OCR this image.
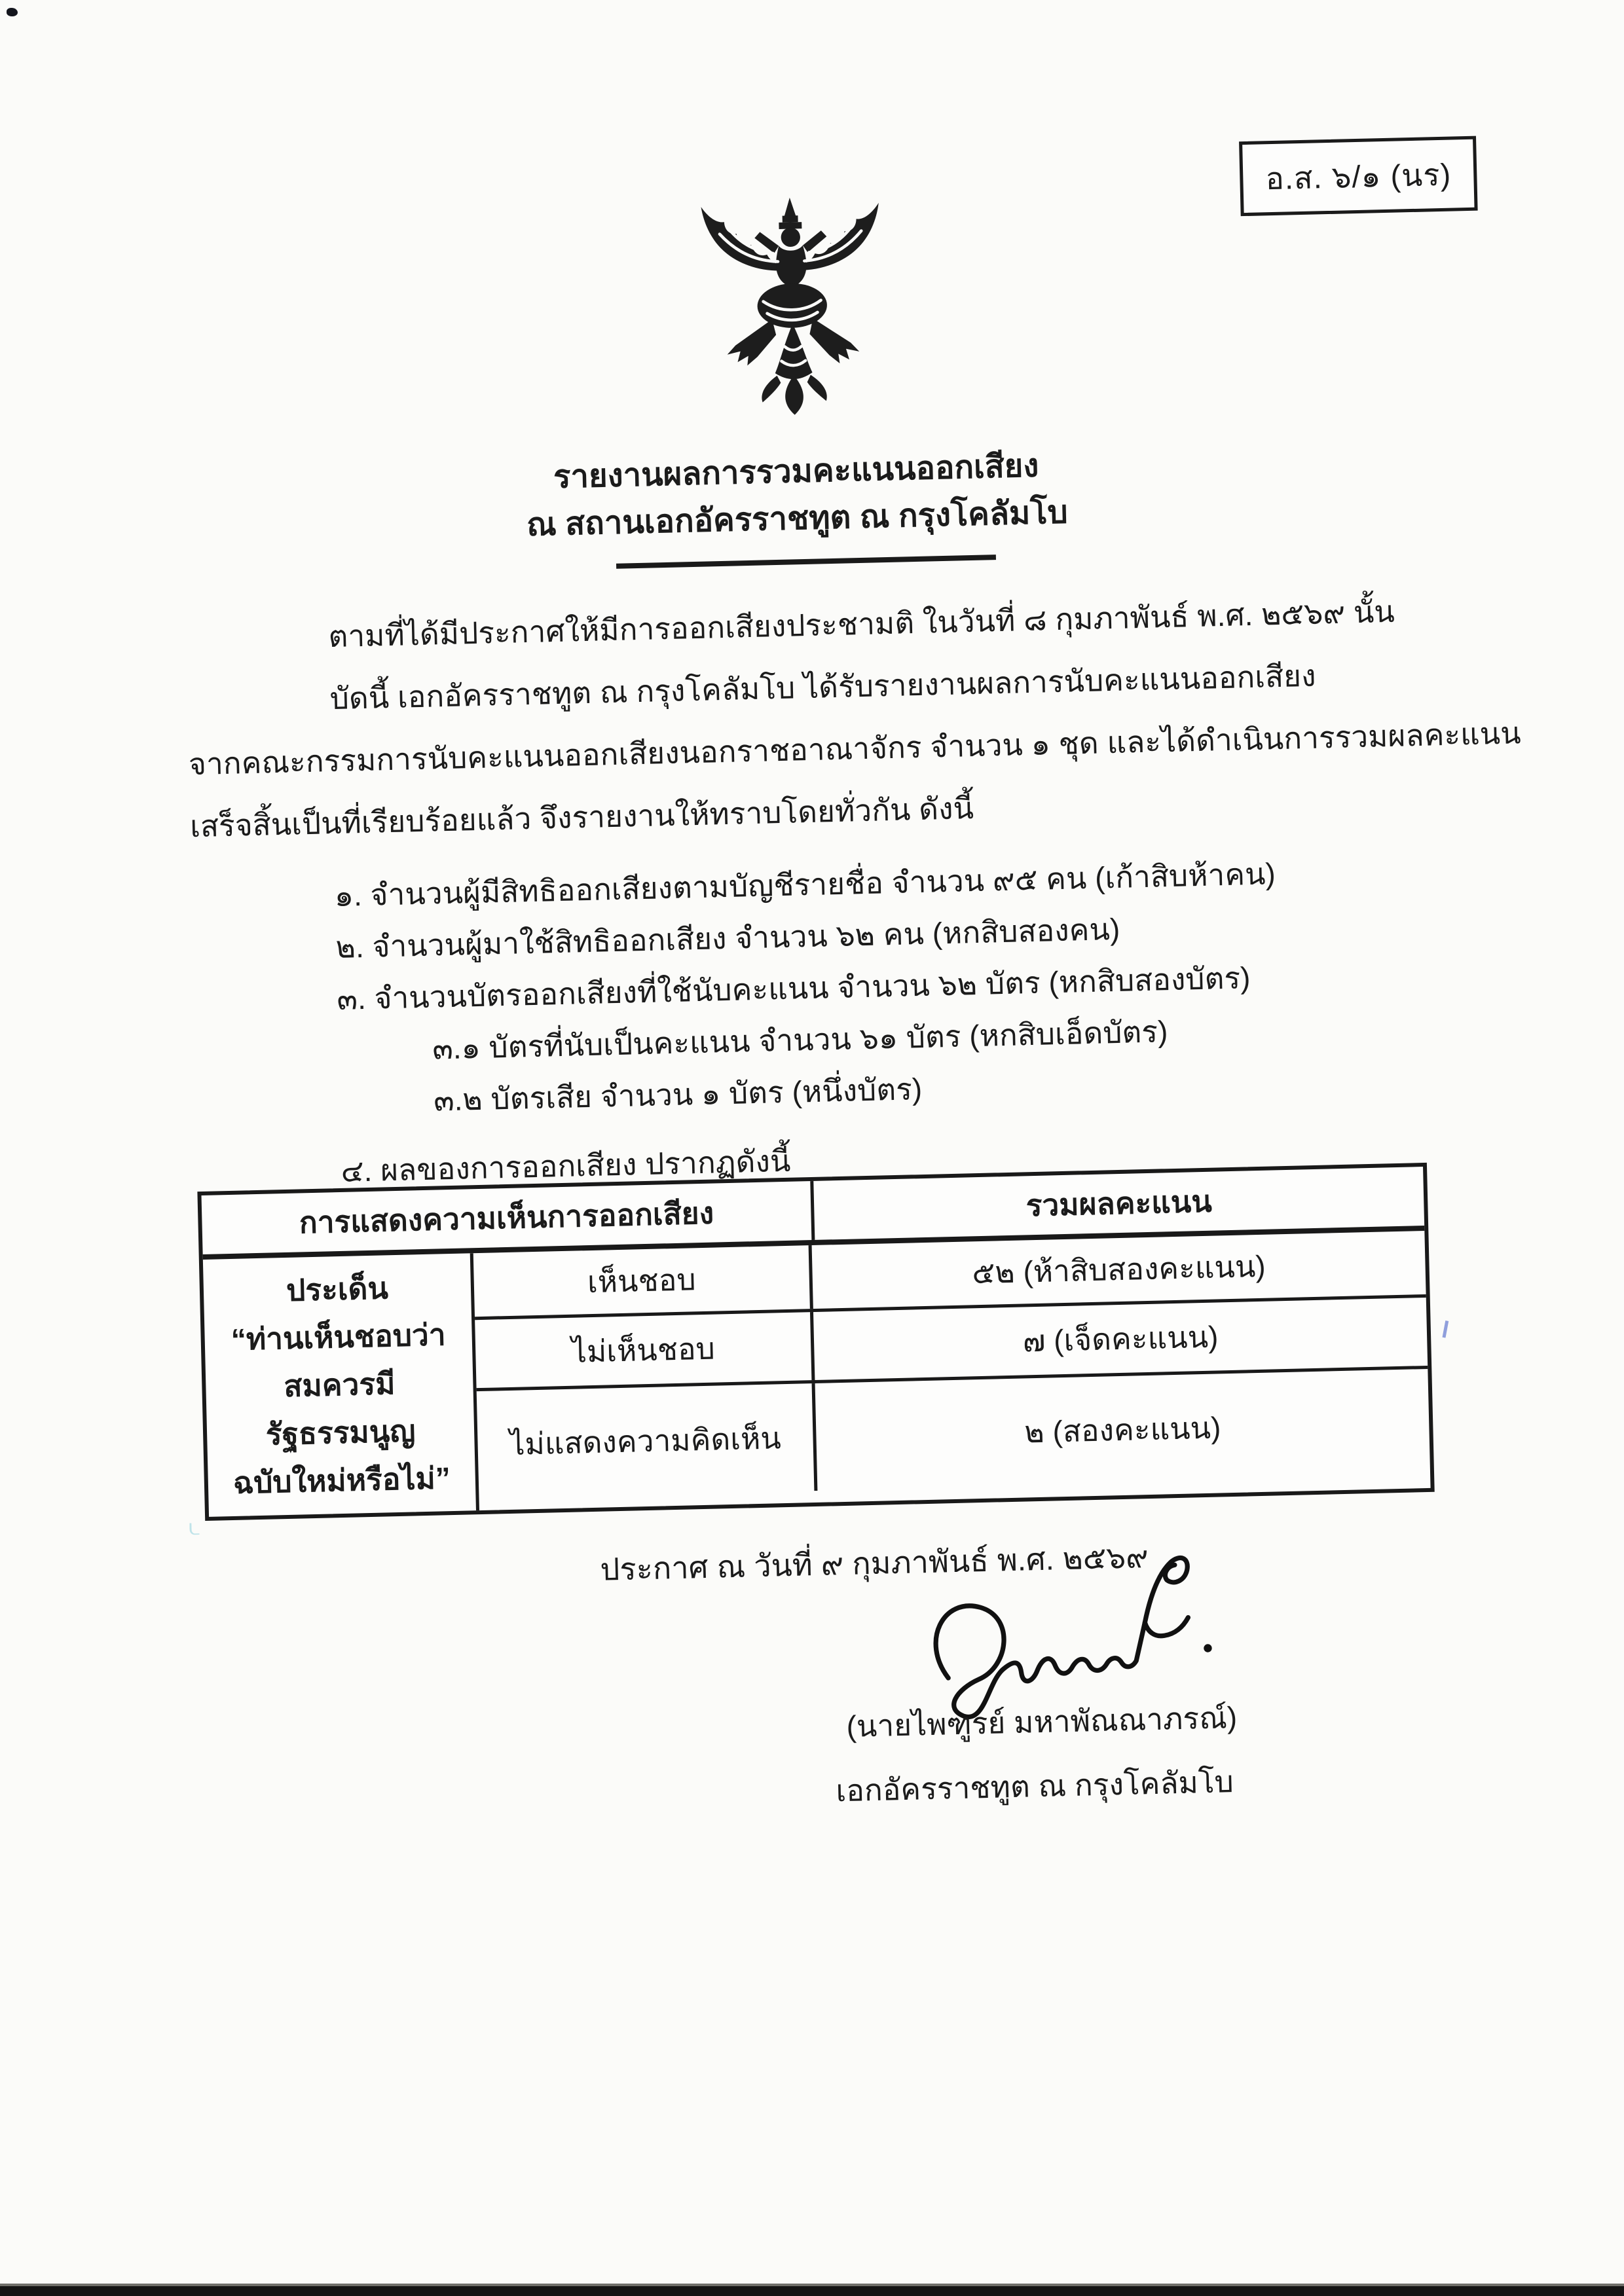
อ.ส. ๖/๑ (นร)
รายงานผลการรวมคะแนนออกเสียง
ณ สถานเอกอัครราชทูต ณ กรุงโคลัมโบ
ตามที่ได้มีประกาศให้มีการออกเสียงประชามติ ในวันที่ ๘ กุมภาพันธ์ พ.ศ. ๒๕๖๙ นั้น
บัดนี้ เอกอัครราชทูต ณ กรุงโคลัมโบ ได้รับรายงานผลการนับคะแนนออกเสียง
จากคณะกรรมการนับคะแนนออกเสียงนอกราชอาณาจักร จำนวน ๑ ชุด และได้ดำเนินการรวมผลคะแนน
เสร็จสิ้นเป็นที่เรียบร้อยแล้ว จึงรายงานให้ทราบโดยทั่วกัน ดังนี้
๑. จำนวนผู้มีสิทธิออกเสียงตามบัญชีรายชื่อ จำนวน ๙๕ คน (เก้าสิบห้าคน)
๒. จำนวนผู้มาใช้สิทธิออกเสียง จำนวน ๖๒ คน (หกสิบสองคน)
๓. จำนวนบัตรออกเสียงที่ใช้นับคะแนน จำนวน ๖๒ บัตร (หกสิบสองบัตร)
๓.๑ บัตรที่นับเป็นคะแนน จำนวน ๖๑ บัตร (หกสิบเอ็ดบัตร)
๓.๒ บัตรเสีย จำนวน ๑ บัตร (หนึ่งบัตร)
๔. ผลของการออกเสียง ปรากฏดังนี้
การแสดงความเห็นการออกเสียง	รวมผลคะแนน
ประเด็น
“ท่านเห็นชอบว่า
สมควรมี
รัฐธรรมนูญ
ฉบับใหม่หรือไม่”
เห็นชอบ	๕๒ (ห้าสิบสองคะแนน)
ไม่เห็นชอบ	๗ (เจ็ดคะแนน)
ไม่แสดงความคิดเห็น	๒ (สองคะแนน)
ประกาศ ณ วันที่ ๙ กุมภาพันธ์ พ.ศ. ๒๕๖๙
(นายไพฑูรย์ มหาพัณณาภรณ์)
เอกอัครราชทูต ณ กรุงโคลัมโบ
